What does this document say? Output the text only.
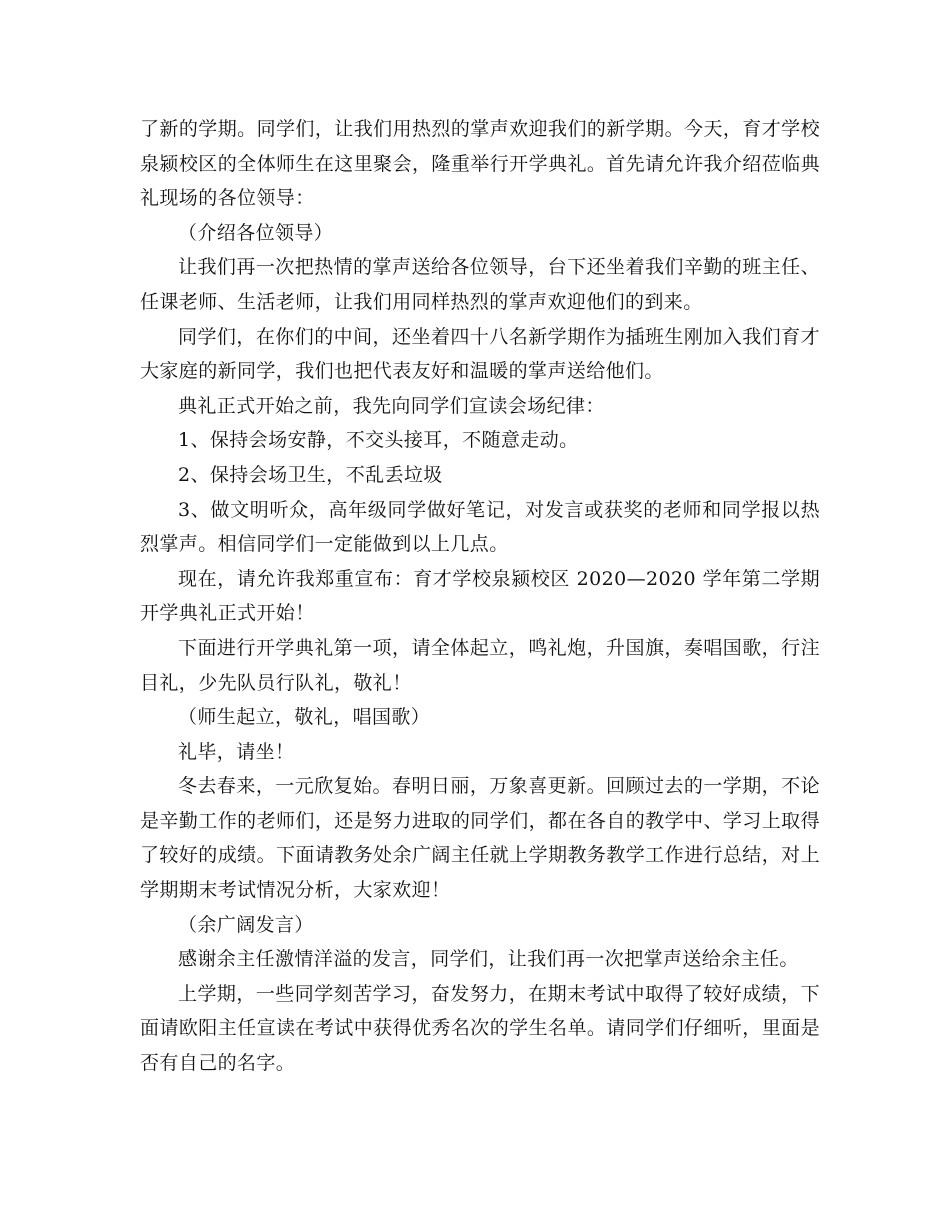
了新的学期。同学们，让我们用热烈的掌声欢迎我们的新学期。今天，育才学校泉颍校区的全体师生在这里聚会，隆重举行开学典礼。首先请允许我介绍莅临典礼现场的各位领导：

（介绍各位领导）

让我们再一次把热情的掌声送给各位领导，台下还坐着我们辛勤的班主任、任课老师、生活老师，让我们用同样热烈的掌声欢迎他们的到来。

同学们，在你们的中间，还坐着四十八名新学期作为插班生刚加入我们育才大家庭的新同学，我们也把代表友好和温暖的掌声送给他们。

典礼正式开始之前，我先向同学们宣读会场纪律：

1、保持会场安静，不交头接耳，不随意走动。

2、保持会场卫生，不乱丢垃圾

3、做文明听众，高年级同学做好笔记，对发言或获奖的老师和同学报以热烈掌声。相信同学们一定能做到以上几点。

现在，请允许我郑重宣布：育才学校泉颍校区 2020—2020 学年第二学期开学典礼正式开始！

下面进行开学典礼第一项，请全体起立，鸣礼炮，升国旗，奏唱国歌，行注目礼，少先队员行队礼，敬礼！

（师生起立，敬礼，唱国歌）

礼毕，请坐！

冬去春来，一元欣复始。春明日丽，万象喜更新。回顾过去的一学期，不论是辛勤工作的老师们，还是努力进取的同学们，都在各自的教学中、学习上取得了较好的成绩。下面请教务处余广阔主任就上学期教务教学工作进行总结，对上学期期末考试情况分析，大家欢迎！

（余广阔发言）

感谢余主任激情洋溢的发言，同学们，让我们再一次把掌声送给余主任。

上学期，一些同学刻苦学习，奋发努力，在期末考试中取得了较好成绩，下面请欧阳主任宣读在考试中获得优秀名次的学生名单。请同学们仔细听，里面是否有自己的名字。
